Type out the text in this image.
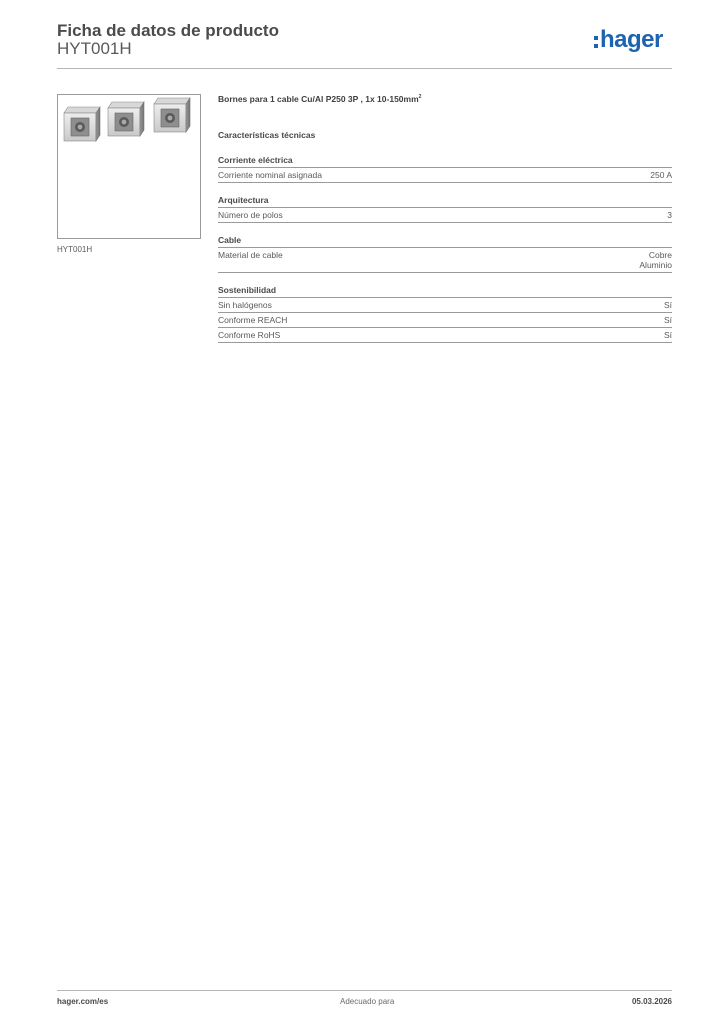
Ficha de datos de producto
HYT001H	hager
HYT001H
Bornes para 1 cable Cu/Al P250 3P , 1x $10-150mm^2$
Características técnicas
Corriente eléctrica
Corriente nominal asignada	250 A
Arquitectura
Número de polos	3
Cable
Material de cable	Cobre
Aluminio
Sostenibilidad
Sin halógenos	Sí
Conforme REACH	Sí
Conforme RoHS	Sí
hager.com/es	Adecuado para	05.03.2026
